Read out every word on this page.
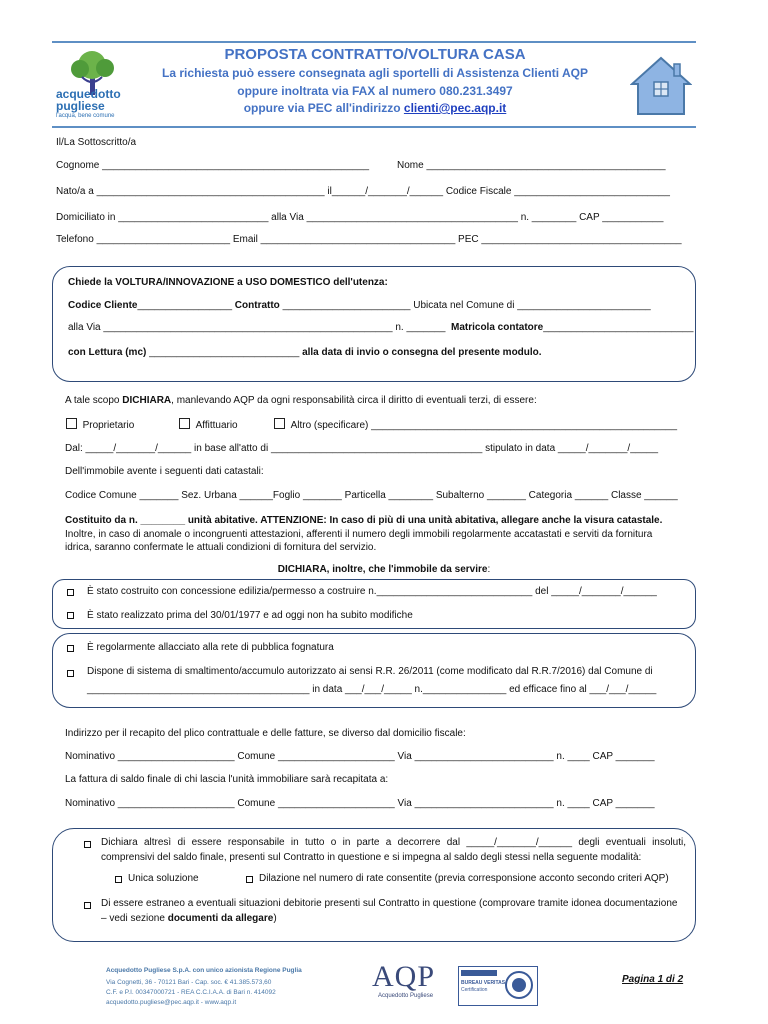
acquedotto
pugliese
l'acqua, bene comune
PROPOSTA CONTRATTO/VOLTURA CASA
La richiesta può essere consegnata agli sportelli di Assistenza Clienti AQP
oppure inoltrata via FAX al numero 080.231.3497
oppure via PEC all'indirizzo clienti@pec.aqp.it
Il/La Sottoscritto/a
Cognome ________________________________________________	Nome ___________________________________________
Nato/a a _________________________________________ il______/_______/______ Codice Fiscale ____________________________
Domiciliato in ___________________________ alla Via ______________________________________ n. ________ CAP ___________
Telefono ________________________ Email ___________________________________ PEC ____________________________________
Chiede la VOLTURA/INNOVAZIONE a USO DOMESTICO dell'utenza:
Codice Cliente_________________ Contratto _______________________ Ubicata nel Comune di ________________________
alla Via ____________________________________________________ n. _______ Matricola contatore___________________________
con Lettura (mc) ___________________________ alla data di invio o consegna del presente modulo.
A tale scopo DICHIARA, manlevando AQP da ogni responsabilità circa il diritto di eventuali terzi, di essere:
Proprietario	Affittuario	Altro (specificare) _______________________________________________________
Dal: _____/_______/______ in base all'atto di ______________________________________ stipulato in data _____/_______/_____
Dell'immobile avente i seguenti dati catastali:
Codice Comune _______ Sez. Urbana ______Foglio _______ Particella ________ Subalterno _______ Categoria ______ Classe ______
Costituito da n. ________ unità abitative. ATTENZIONE: In caso di più di una unità abitativa, allegare anche la visura catastale.
Inoltre, in caso di anomale o incongruenti attestazioni, afferenti il numero degli immobili regolarmente accatastati e serviti da fornitura
idrica, saranno confermate le attuali condizioni di fornitura del servizio.
DICHIARA, inoltre, che l'immobile da servire:
È stato costruito con concessione edilizia/permesso a costruire n.____________________________ del _____/_______/______
È stato realizzato prima del 30/01/1977 e ad oggi non ha subito modifiche
È regolarmente allacciato alla rete di pubblica fognatura
Dispone di sistema di smaltimento/accumulo autorizzato ai sensi R.R. 26/2011 (come modificato dal R.R.7/2016) dal Comune di
________________________________________ in data ___/___/_____ n._______________ ed efficace fino al ___/___/_____
Indirizzo per il recapito del plico contrattuale e delle fatture, se diverso dal domicilio fiscale:
Nominativo _____________________ Comune _____________________ Via _________________________ n. ____ CAP _______
La fattura di saldo finale di chi lascia l'unità immobiliare sarà recapitata a:
Nominativo _____________________ Comune _____________________ Via _________________________ n. ____ CAP _______
Dichiara altresì di essere responsabile in tutto o in parte a decorrere dal _____/_______/______ degli eventuali insoluti,
comprensivi del saldo finale, presenti sul Contratto in questione e si impegna al saldo degli stessi nella seguente modalità:
Unica soluzione	Dilazione nel numero di rate consentite (previa corresponsione acconto secondo criteri AQP)
Di essere estraneo a eventuali situazioni debitorie presenti sul Contratto in questione (comprovare tramite idonea documentazione
– vedi sezione documenti da allegare)
Acquedotto Pugliese S.p.A. con unico azionista Regione Puglia
Via Cognetti, 36 - 70121 Bari - Cap. soc. € 41.385.573,60
C.F. e P.I. 00347000721 - REA C.C.I.A.A. di Bari n. 414092
acquedotto.pugliese@pec.aqp.it - www.aqp.it
AQP
Acquedotto Pugliese
BUREAU VERITAS
Certification
Pagina 1 di 2
